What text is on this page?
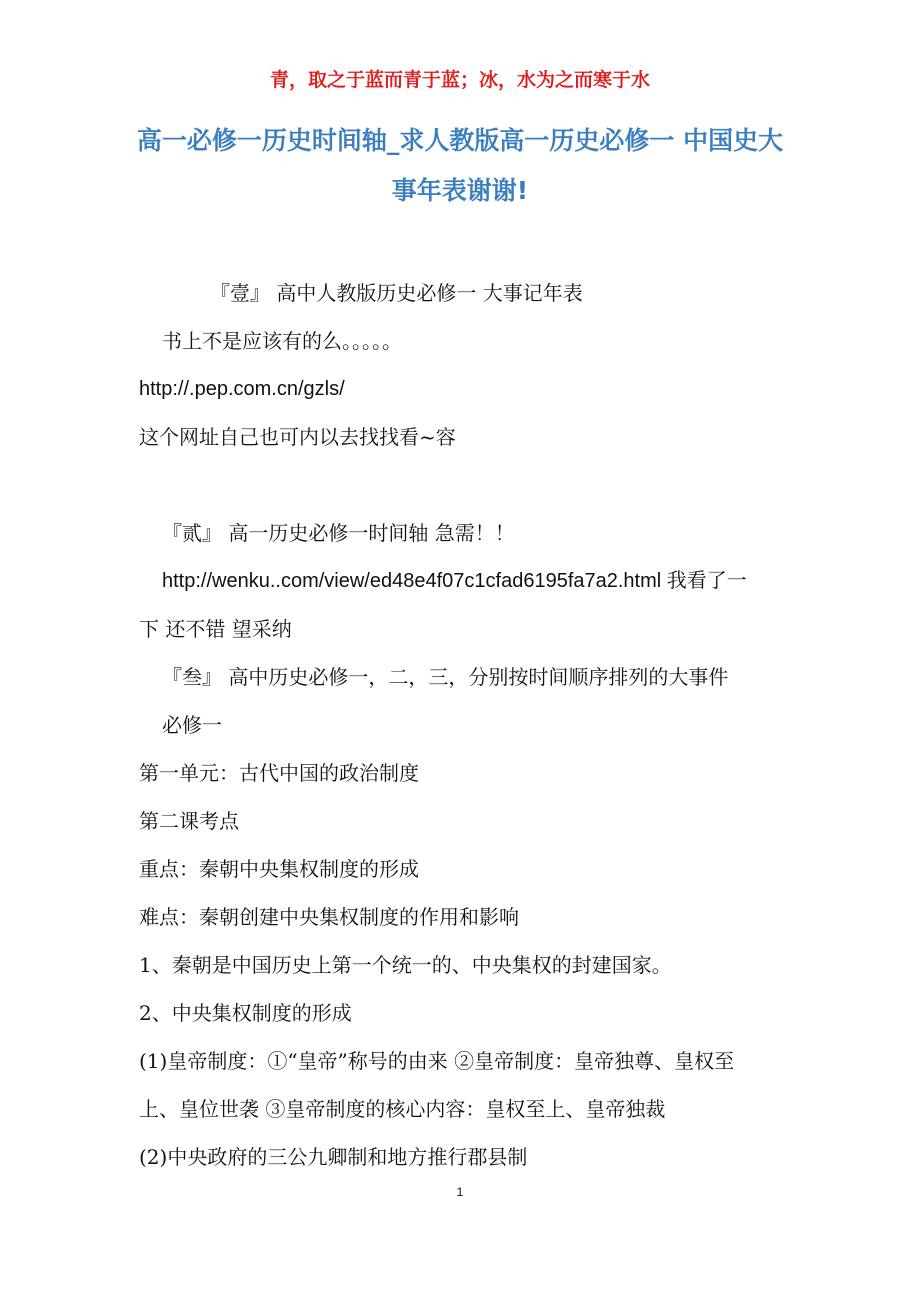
青，取之于蓝而青于蓝；冰，水为之而寒于水
高一必修一历史时间轴_求人教版高一历史必修一 中国史大事年表谢谢!
『壹』 高中人教版历史必修一 大事记年表
书上不是应该有的么。。。。。
http://.pep.com.cn/gzls/
这个网址自己也可内以去找找看~容
『贰』 高一历史必修一时间轴 急需！！
http://wenku..com/view/ed48e4f07c1cfad6195fa7a2.html 我看了一
下 还不错 望采纳
『叁』 高中历史必修一，二，三，分别按时间顺序排列的大事件
必修一
第一单元：古代中国的政治制度
第二课考点
重点：秦朝中央集权制度的形成
难点：秦朝创建中央集权制度的作用和影响
1、秦朝是中国历史上第一个统一的、中央集权的封建国家。
2、中央集权制度的形成
(1)皇帝制度：①“皇帝”称号的由来 ②皇帝制度：皇帝独尊、皇权至
上、皇位世袭 ③皇帝制度的核心内容：皇权至上、皇帝独裁
(2)中央政府的三公九卿制和地方推行郡县制
1
